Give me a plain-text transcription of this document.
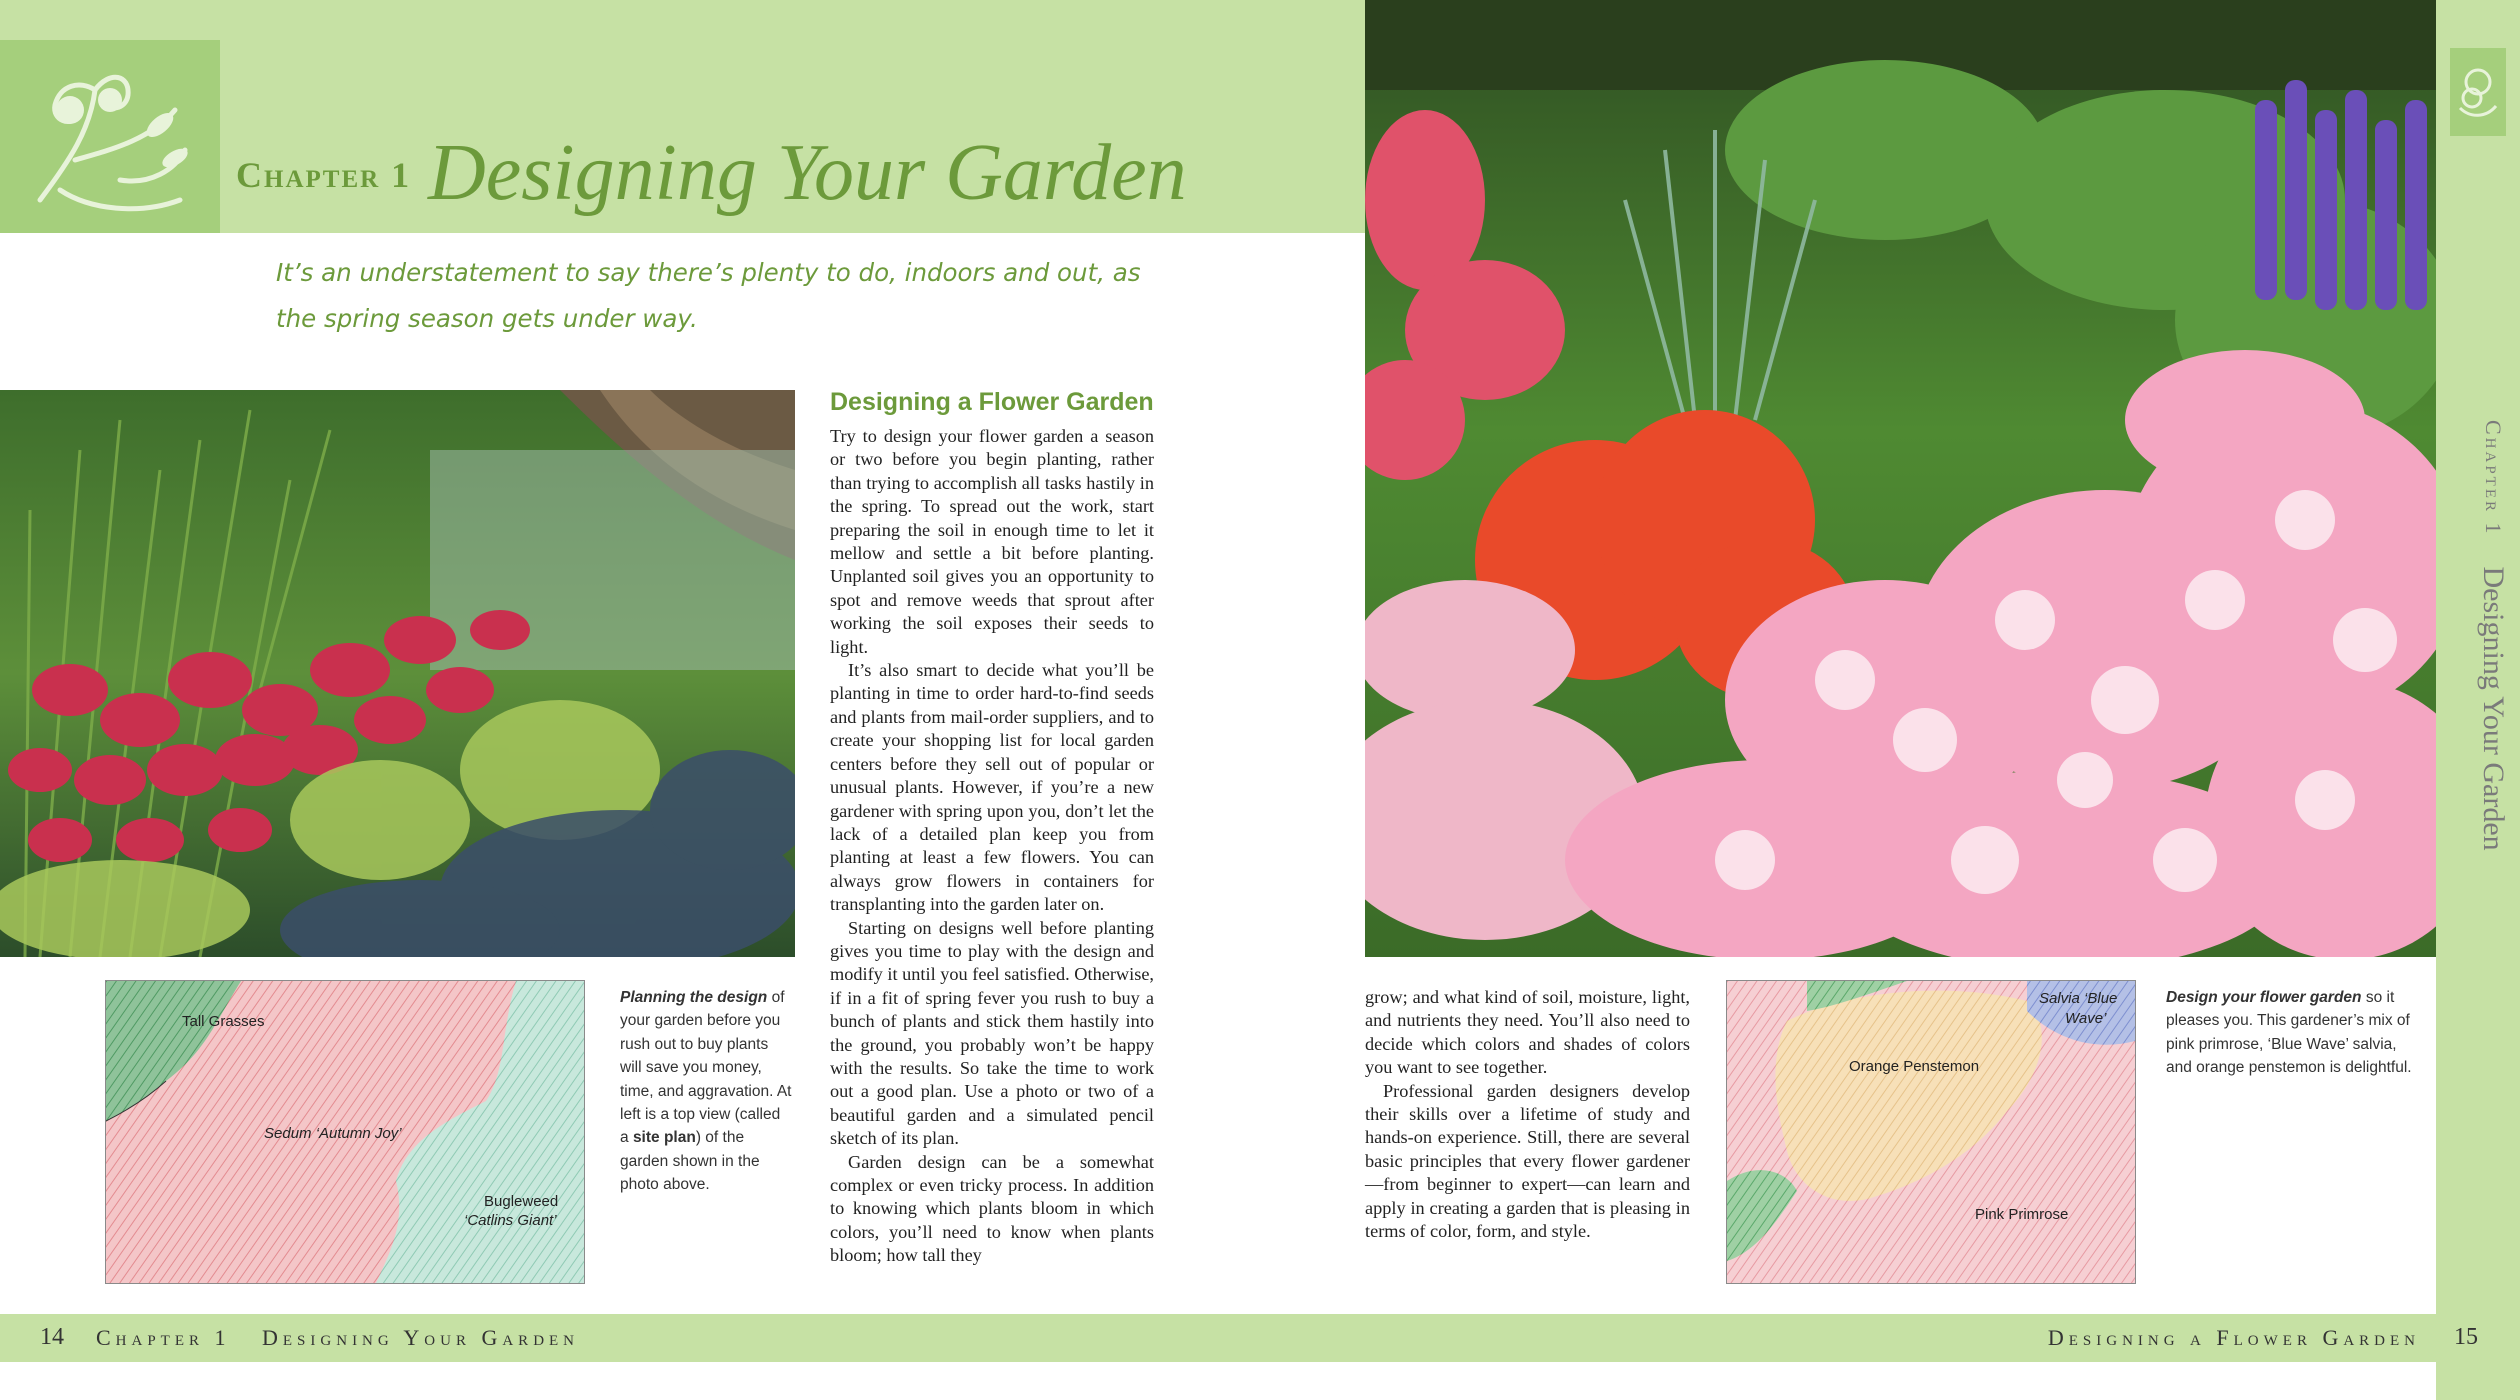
Chapter 1 Designing Your Garden
It’s an understatement to say there’s plenty to do, indoors and out, as the spring season gets under way.
Chapter 1    Designing Your Garden
Designing a Flower Garden

Try to design your flower garden a season or two before you begin planting, rather than trying to accomplish all tasks hastily in the spring. To spread out the work, start preparing the soil in enough time to let it mellow and settle a bit before planting. Unplanted soil gives you an opportunity to spot and remove weeds that sprout after working the soil exposes their seeds to light.

It’s also smart to decide what you’ll be planting in time to order hard-to-find seeds and plants from mail-order suppliers, and to create your shopping list for local garden centers before they sell out of popular or unusual plants. However, if you’re a new gardener with spring upon you, don’t let the lack of a detailed plan keep you from planting at least a few flowers. You can always grow flowers in containers for transplanting into the garden later on.

Starting on designs well before planting gives you time to play with the design and modify it until you feel satisfied. Otherwise, if in a fit of spring fever you rush to buy a bunch of plants and stick them hastily into the ground, you probably won’t be happy with the results. So take the time to work out a good plan. Use a photo or two of a beautiful garden and a simulated pencil sketch of its plan.

Garden design can be a somewhat complex or even tricky process. In addition to knowing which plants bloom in which colors, you’ll need to know when plants bloom; how tall they

grow; and what kind of soil, moisture, light, and nutrients they need. You’ll also need to decide which colors and shades of colors you want to see together.

Professional garden designers develop their skills over a lifetime of study and hands-on experience. Still, there are several basic principles that every flower gardener—from beginner to expert—can learn and apply in creating a garden that is pleasing in terms of color, form, and style.

Planning the design of your garden before you rush out to buy plants will save you money, time, and aggravation. At left is a top view (called a site plan) of the garden shown in the photo above.
Design your flower garden so it pleases you. This gardener’s mix of pink primrose, ‘Blue Wave’ salvia, and orange penstemon is delightful.
Tall Grasses
Sedum ‘Autumn Joy’
Bugleweed
‘Catlins Giant’
Salvia ‘Blue
Wave’
Orange Penstemon
Pink Primrose
14 Chapter 1   Designing Your Garden	Designing a Flower Garden 15
